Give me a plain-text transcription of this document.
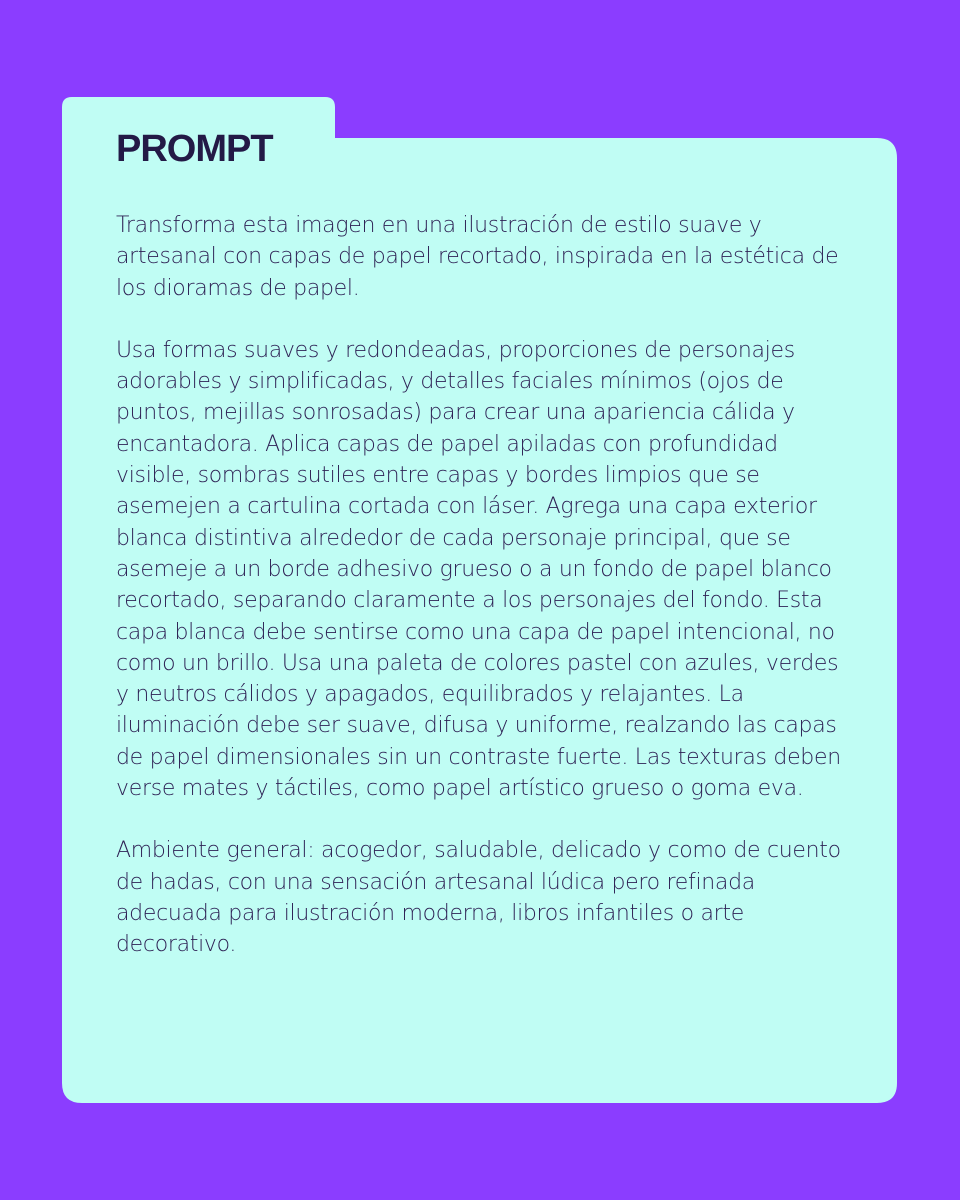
PROMPT

Transforma esta imagen en una ilustración de estilo suave y artesanal con capas de papel recortado, inspirada en la estética de los dioramas de papel.

Usa formas suaves y redondeadas, proporciones de personajes adorables y simplificadas, y detalles faciales mínimos (ojos de puntos, mejillas sonrosadas) para crear una apariencia cálida y encantadora. Aplica capas de papel apiladas con profundidad visible, sombras sutiles entre capas y bordes limpios que se asemejen a cartulina cortada con láser. Agrega una capa exterior blanca distintiva alrededor de cada personaje principal, que se asemeje a un borde adhesivo grueso o a un fondo de papel blanco recortado, separando claramente a los personajes del fondo. Esta capa blanca debe sentirse como una capa de papel intencional, no como un brillo. Usa una paleta de colores pastel con azules, verdes y neutros cálidos y apagados, equilibrados y relajantes. La iluminación debe ser suave, difusa y uniforme, realzando las capas de papel dimensionales sin un contraste fuerte. Las texturas deben verse mates y táctiles, como papel artístico grueso o goma eva.

Ambiente general: acogedor, saludable, delicado y como de cuento de hadas, con una sensación artesanal lúdica pero refinada adecuada para ilustración moderna, libros infantiles o arte decorativo.
